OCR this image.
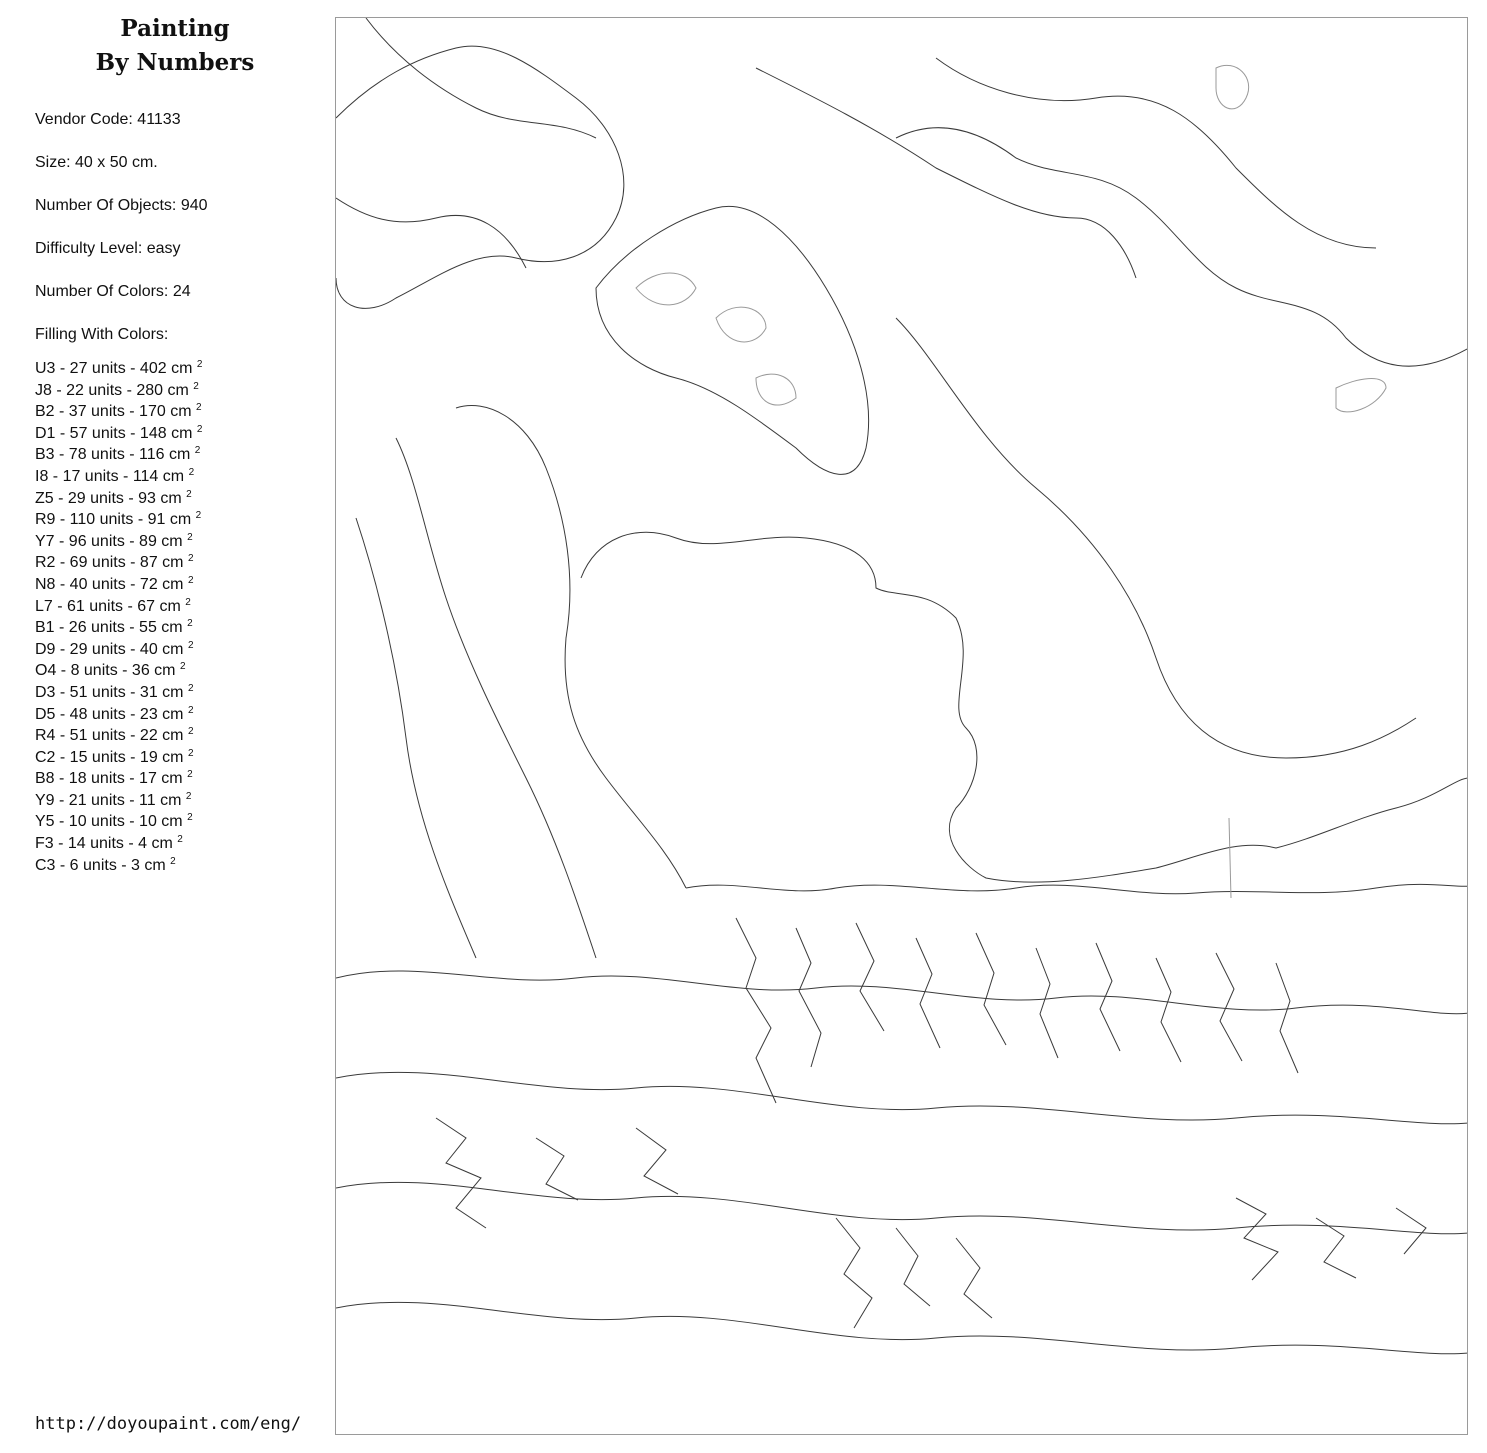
Painting
By Numbers
Vendor Code: 41133
Size: 40 x 50 cm.
Number Of Objects: 940
Difficulty Level: easy
Number Of Colors: 24
Filling With Colors:
U3 - 27 units - 402 cm $^2$
J8 - 22 units - 280 cm $^2$
B2 - 37 units - 170 cm $^2$
D1 - 57 units - 148 cm $^2$
B3 - 78 units - 116 cm $^2$
I8 - 17 units - 114 cm $^2$
Z5 - 29 units - 93 cm $^2$
R9 - 110 units - 91 cm $^2$
Y7 - 96 units - 89 cm $^2$
R2 - 69 units - 87 cm $^2$
N8 - 40 units - 72 cm $^2$
L7 - 61 units - 67 cm $^2$
B1 - 26 units - 55 cm $^2$
D9 - 29 units - 40 cm $^2$
O4 - 8 units - 36 cm $^2$
D3 - 51 units - 31 cm $^2$
D5 - 48 units - 23 cm $^2$
R4 - 51 units - 22 cm $^2$
C2 - 15 units - 19 cm $^2$
B8 - 18 units - 17 cm $^2$
Y9 - 21 units - 11 cm $^2$
Y5 - 10 units - 10 cm $^2$
F3 - 14 units - 4 cm $^2$
C3 - 6 units - 3 cm $^2$
http://doyoupaint.com/eng/
